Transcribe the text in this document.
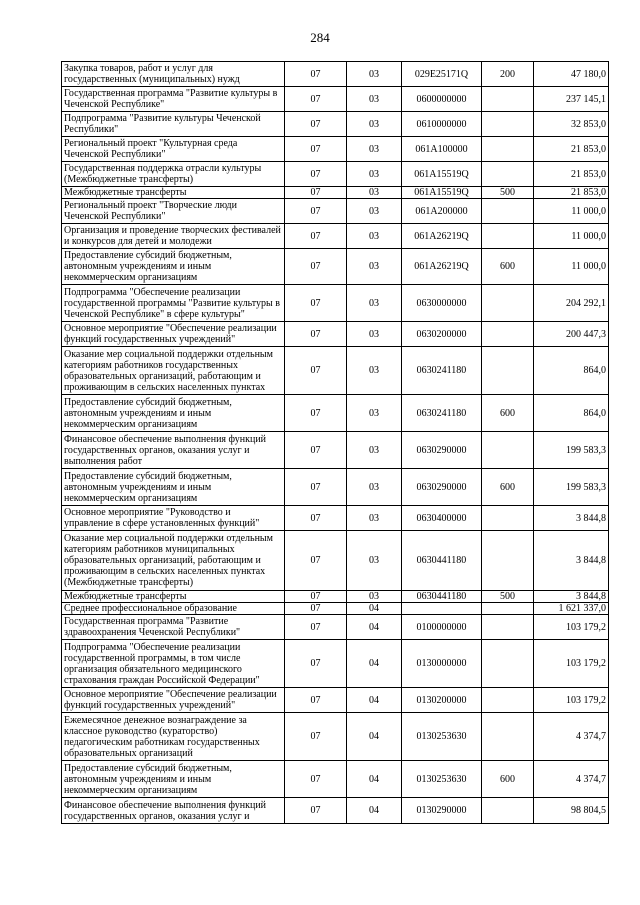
284
Закупка товаров, работ и услуг для государственных (муниципальных) нужд	07	03	029E25171Q	200	47 180,0
Государственная программа "Развитие культуры в Чеченской Республике"	07	03	0600000000		237 145,1
Подпрограмма "Развитие культуры Чеченской Республики"	07	03	0610000000		32 853,0
Региональный проект "Культурная среда Чеченской Республики"	07	03	061A100000		21 853,0
Государственная поддержка отрасли культуры (Межбюджетные трансферты)	07	03	061A15519Q		21 853,0
Межбюджетные трансферты	07	03	061A15519Q	500	21 853,0
Региональный проект "Творческие люди Чеченской Республики"	07	03	061A200000		11 000,0
Организация и проведение творческих фестивалей и конкурсов для детей и молодежи	07	03	061A26219Q		11 000,0
Предоставление субсидий бюджетным, автономным учреждениям и иным некоммерческим организациям	07	03	061A26219Q	600	11 000,0
Подпрограмма "Обеспечение реализации государственной программы "Развитие культуры в Чеченской Республике" в сфере культуры"	07	03	0630000000		204 292,1
Основное мероприятие "Обеспечение реализации функций государственных учреждений"	07	03	0630200000		200 447,3
Оказание мер социальной поддержки отдельным категориям работников государственных образовательных организаций, работающим и проживающим в сельских населенных пунктах	07	03	0630241180		864,0
Предоставление субсидий бюджетным, автономным учреждениям и иным некоммерческим организациям	07	03	0630241180	600	864,0
Финансовое обеспечение выполнения функций государственных органов, оказания услуг и выполнения работ	07	03	0630290000		199 583,3
Предоставление субсидий бюджетным, автономным учреждениям и иным некоммерческим организациям	07	03	0630290000	600	199 583,3
Основное мероприятие "Руководство и управление в сфере установленных функций"	07	03	0630400000		3 844,8
Оказание мер социальной поддержки отдельным категориям работников муниципальных образовательных организаций, работающим и проживающим в сельских населенных пунктах (Межбюджетные трансферты)	07	03	0630441180		3 844,8
Межбюджетные трансферты	07	03	0630441180	500	3 844,8
Среднее профессиональное образование	07	04			1 621 337,0
Государственная программа "Развитие здравоохранения Чеченской Республики"	07	04	0100000000		103 179,2
Подпрограмма "Обеспечение реализации государственной программы, в том числе организация обязательного медицинского страхования граждан Российской Федерации"	07	04	0130000000		103 179,2
Основное мероприятие "Обеспечение реализации функций государственных учреждений"	07	04	0130200000		103 179,2
Ежемесячное денежное вознаграждение за классное руководство (кураторство) педагогическим работникам государственных образовательных организаций	07	04	0130253630		4 374,7
Предоставление субсидий бюджетным, автономным учреждениям и иным некоммерческим организациям	07	04	0130253630	600	4 374,7
Финансовое обеспечение выполнения функций государственных органов, оказания услуг и	07	04	0130290000		98 804,5
